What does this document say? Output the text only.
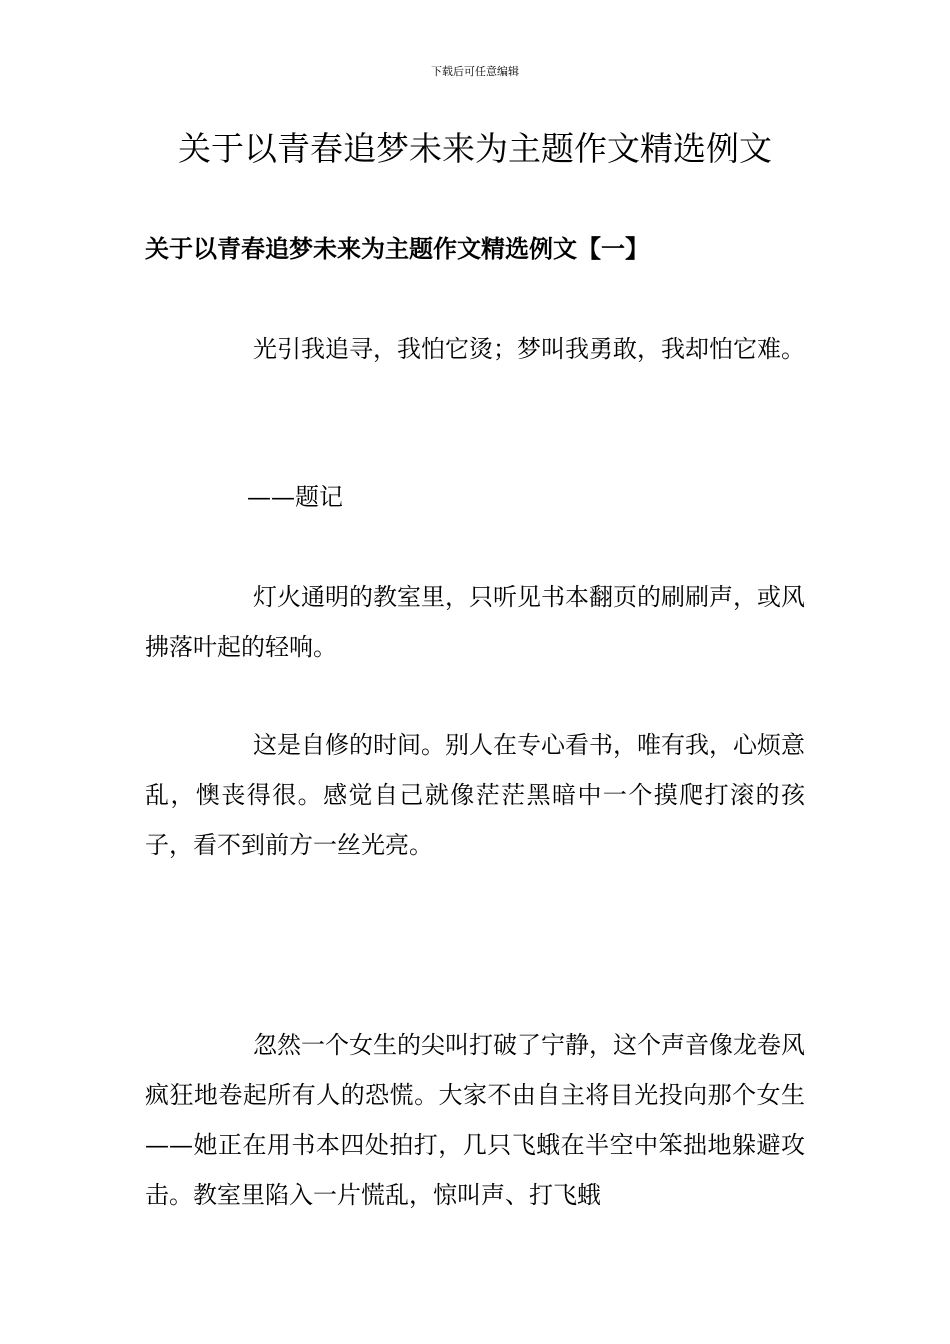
下载后可任意编辑
关于以青春追梦未来为主题作文精选例文
关于以青春追梦未来为主题作文精选例文【一】

光引我追寻，我怕它烫；梦叫我勇敢，我却怕它难。

——题记

灯火通明的教室里，只听见书本翻页的刷刷声，或风拂落叶起的轻响。

这是自修的时间。别人在专心看书，唯有我，心烦意乱，懊丧得很。感觉自己就像茫茫黑暗中一个摸爬打滚的孩子，看不到前方一丝光亮。

忽然一个女生的尖叫打破了宁静，这个声音像龙卷风疯狂地卷起所有人的恐慌。大家不由自主将目光投向那个女生——她正在用书本四处拍打，几只飞蛾在半空中笨拙地躲避攻击。教室里陷入一片慌乱，惊叫声、打飞蛾
